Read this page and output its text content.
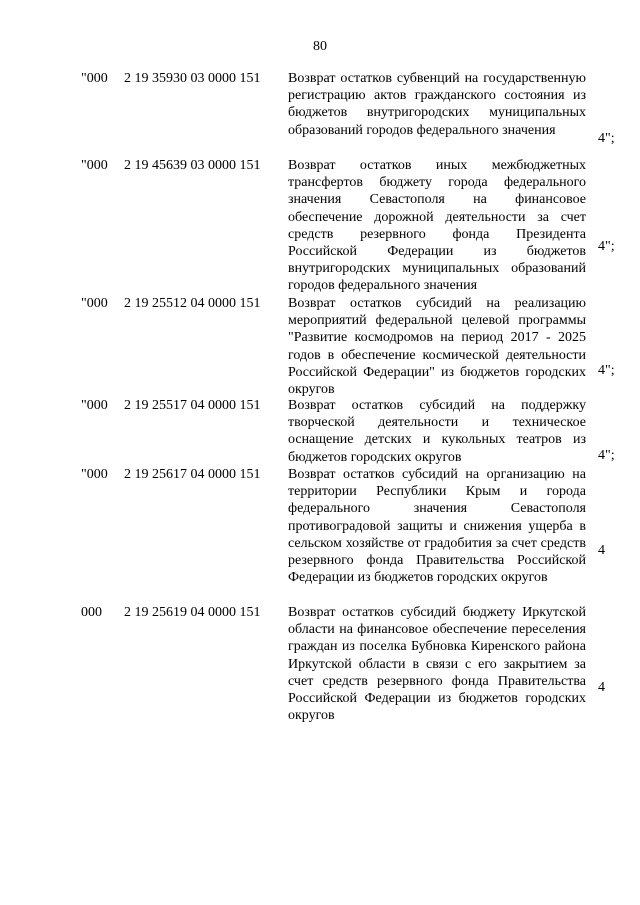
80
"000 2 19 35930 03 0000 151 Возврат остатков субвенций на государственную регистрацию актов гражданского состояния из бюджетов внутригородских муниципальных образований городов федерального значения
4";
"000 2 19 45639 03 0000 151 Возврат остатков иных межбюджетных трансфертов бюджету города федерального значения Севастополя на финансовое обеспечение дорожной деятельности за счет средств резервного фонда Президента Российской Федерации из бюджетов внутригородских муниципальных образований городов федерального значения
4";
"000 2 19 25512 04 0000 151 Возврат остатков субсидий на реализацию мероприятий федеральной целевой программы "Развитие космодромов на период 2017 - 2025 годов в обеспечение космической деятельности Российской Федерации" из бюджетов городских округов
4";
"000 2 19 25517 04 0000 151 Возврат остатков субсидий на поддержку творческой деятельности и техническое оснащение детских и кукольных театров из бюджетов городских округов	4";
"000 2 19 25617 04 0000 151 Возврат остатков субсидий на организацию на территории Республики Крым и города федерального значения Севастополя противоградовой защиты и снижения ущерба в сельском хозяйстве от градобития за счет средств резервного фонда Правительства Российской Федерации из бюджетов городских округов
4
000 2 19 25619 04 0000 151 Возврат остатков субсидий бюджету Иркутской области на финансовое обеспечение переселения граждан из поселка Бубновка Киренского района Иркутской области в связи с его закрытием за счет средств резервного фонда Правительства Российской Федерации из бюджетов городских округов
4
